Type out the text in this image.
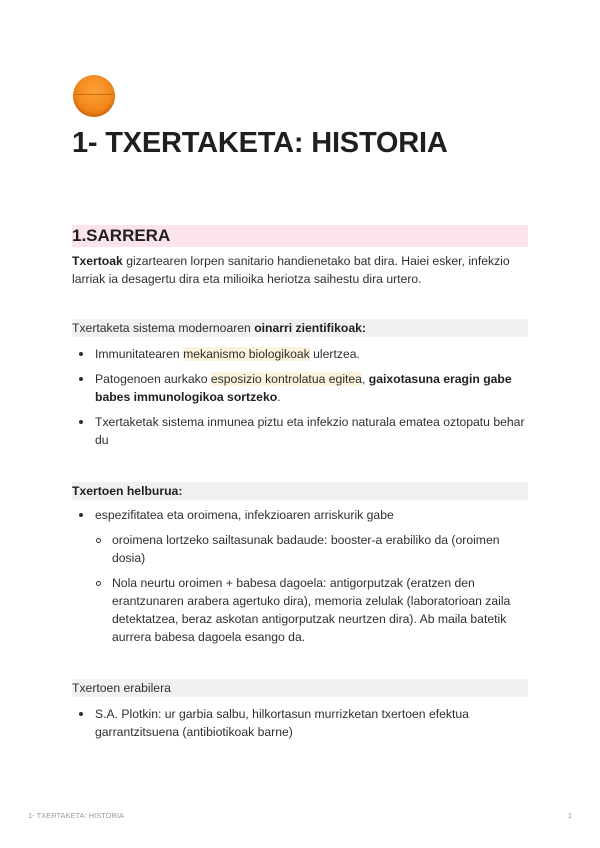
1- TXERTAKETA: HISTORIA
1.SARRERA

Txertoak gizartearen lorpen sanitario handienetako bat dira. Haiei esker, infekzio larriak ia desagertu dira eta milioika heriotza saihestu dira urtero.

Txertaketa sistema modernoaren oinarri zientifikoak:
Immunitatearen mekanismo biologikoak ulertzea.
Patogenoen aurkako esposizio kontrolatua egitea, gaixotasuna eragin gabe babes immunologikoa sortzeko.
Txertaketak sistema inmunea piztu eta infekzio naturala ematea oztopatu behar du
Txertoen helburua:
espezifitatea eta oroimena, infekzioaren arriskurik gabe
oroimena lortzeko sailtasunak badaude: booster-a erabiliko da (oroimen dosia)
Nola neurtu oroimen + babesa dagoela: antigorputzak (eratzen den erantzunaren arabera agertuko dira), memoria zelulak (laboratorioan zaila detektatzea, beraz askotan antigorputzak neurtzen dira). Ab maila batetik aurrera babesa dagoela esango da.
Txertoen erabilera
S.A. Plotkin: ur garbia salbu, hilkortasun murrizketan txertoen efektua garrantzitsuena (antibiotikoak barne)
1- TXERTAKETA: HISTORIA	1
